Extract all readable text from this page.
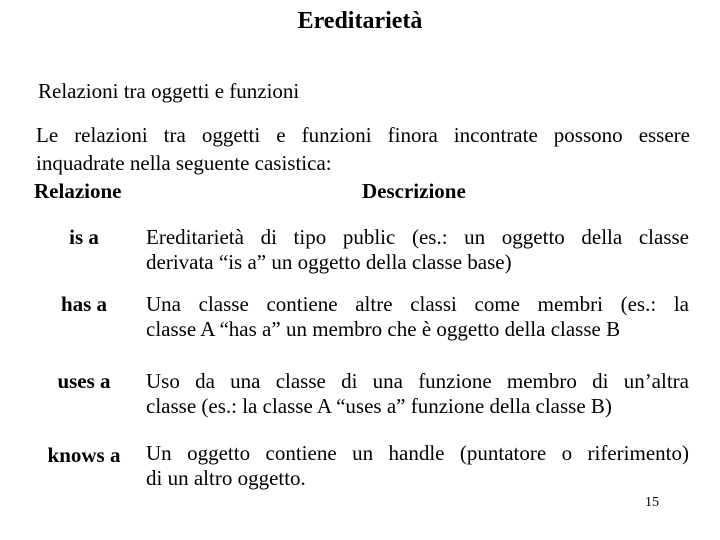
Ereditarietà
Relazioni tra oggetti e funzioni
Le relazioni tra oggetti e funzioni finora incontrate possono essere
inquadrate nella seguente casistica:
Relazione	Descrizione
is a	Ereditarietà di tipo public (es.: un oggetto della classe
derivata “is a” un oggetto della classe base)
has a	Una classe contiene altre classi come membri (es.: la
classe A “has a” un membro che è oggetto della classe B
uses a	Uso da una classe di una funzione membro di un’altra
classe (es.: la classe A “uses a” funzione della classe B)
knows a	Un oggetto contiene un handle (puntatore o riferimento)
di un altro oggetto.
15
